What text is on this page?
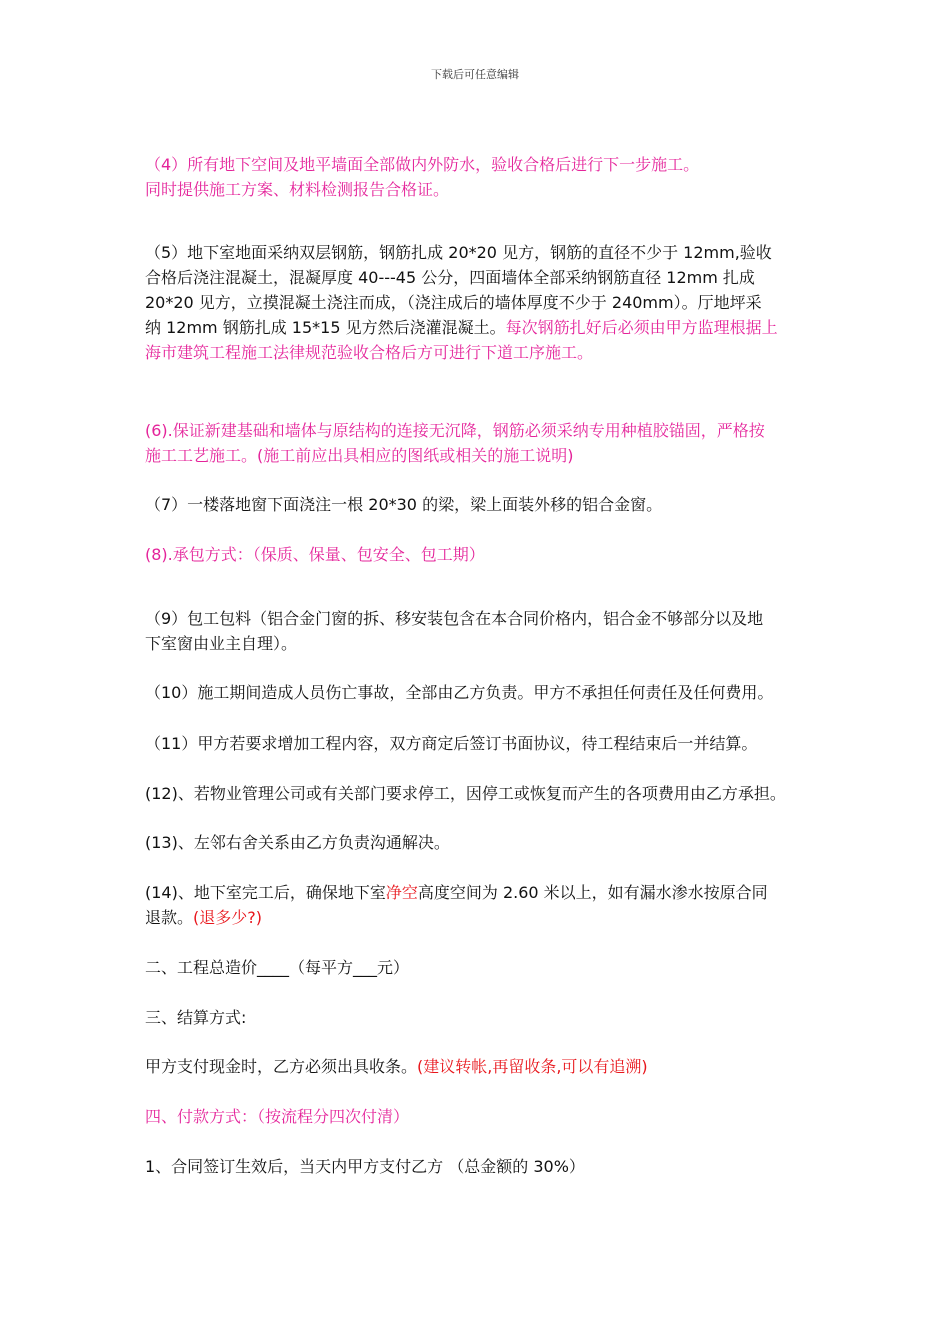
下载后可任意编辑
（4）所有地下空间及地平墙面全部做内外防水，验收合格后进行下一步施工。
同时提供施工方案、材料检测报告合格证。
（5）地下室地面采纳双层钢筋，钢筋扎成 20*20 见方，钢筋的直径不少于 12mm,验收
合格后浇注混凝土，混凝厚度 40---45 公分，四面墙体全部采纳钢筋直径 12mm 扎成
20*20 见方，立摸混凝土浇注而成，（浇注成后的墙体厚度不少于 240mm）。厅地坪采
纳 12mm 钢筋扎成 15*15 见方然后浇灌混凝土。每次钢筋扎好后必须由甲方监理根据上
海市建筑工程施工法律规范验收合格后方可进行下道工序施工。
(6).保证新建基础和墙体与原结构的连接无沉降，钢筋必须采纳专用种植胶锚固，严格按
施工工艺施工。(施工前应出具相应的图纸或相关的施工说明)
（7）一楼落地窗下面浇注一根 20*30 的梁，梁上面装外移的铝合金窗。
(8).承包方式：（保质、保量、包安全、包工期）
（9）包工包料（铝合金门窗的拆、移安装包含在本合同价格内，铝合金不够部分以及地
下室窗由业主自理）。
（10）施工期间造成人员伤亡事故，全部由乙方负责。甲方不承担任何责任及任何费用。
（11）甲方若要求增加工程内容，双方商定后签订书面协议，待工程结束后一并结算。
(12)、若物业管理公司或有关部门要求停工，因停工或恢复而产生的各项费用由乙方承担。
(13)、左邻右舍关系由乙方负责沟通解决。
(14)、地下室完工后，确保地下室净空高度空间为 2.60 米以上，如有漏水渗水按原合同
退款。(退多少?)
二、工程总造价____（每平方___元）
三、结算方式:
甲方支付现金时，乙方必须出具收条。(建议转帐,再留收条,可以有追溯)
四、付款方式：（按流程分四次付清）
1、合同签订生效后，当天内甲方支付乙方 （总金额的 30%）
